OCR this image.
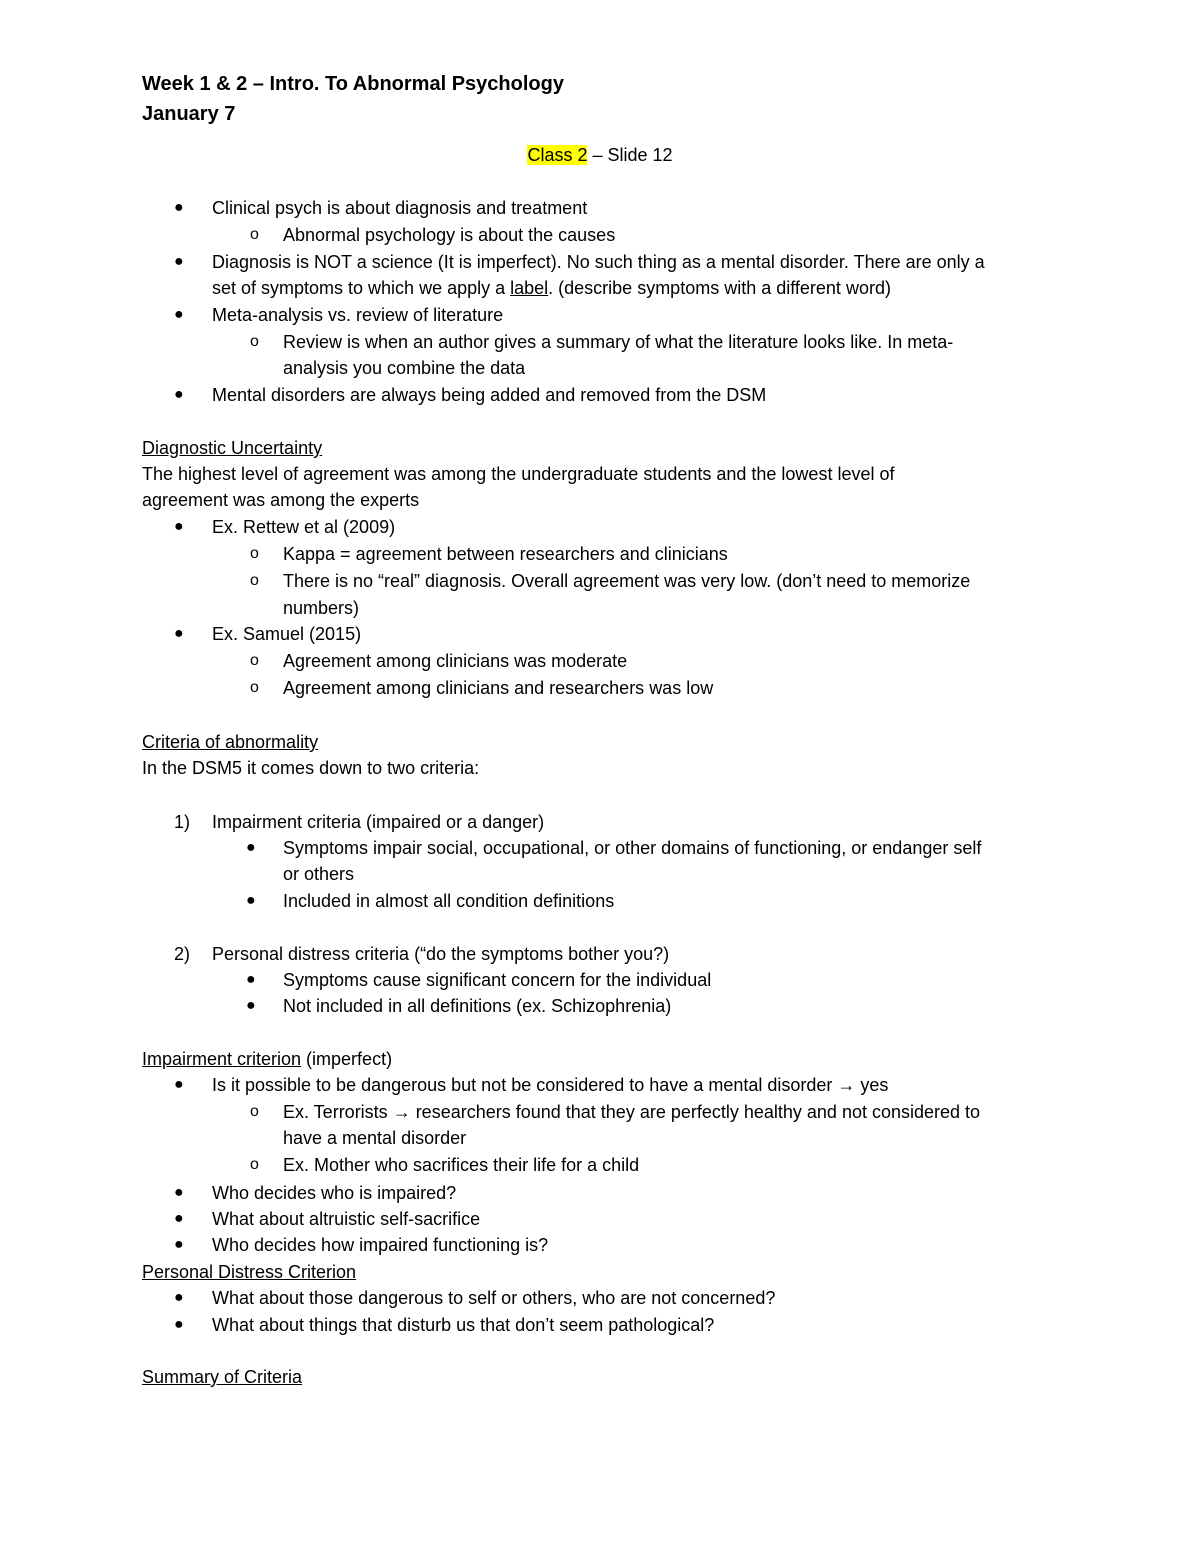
Week 1 & 2 – Intro. To Abnormal Psychology
January 7
Class 2 – Slide 12
● Clinical psych is about diagnosis and treatment
o Abnormal psychology is about the causes
● Diagnosis is NOT a science (It is imperfect). No such thing as a mental disorder. There are only a
set of symptoms to which we apply a label. (describe symptoms with a different word)
● Meta-analysis vs. review of literature
o Review is when an author gives a summary of what the literature looks like. In meta-
analysis you combine the data
● Mental disorders are always being added and removed from the DSM
Diagnostic Uncertainty
The highest level of agreement was among the undergraduate students and the lowest level of
agreement was among the experts
● Ex. Rettew et al (2009)
o Kappa = agreement between researchers and clinicians
o There is no “real” diagnosis. Overall agreement was very low. (don’t need to memorize
numbers)
● Ex. Samuel (2015)
o Agreement among clinicians was moderate
o Agreement among clinicians and researchers was low
Criteria of abnormality
In the DSM5 it comes down to two criteria:
1) Impairment criteria (impaired or a danger)
● Symptoms impair social, occupational, or other domains of functioning, or endanger self
or others
● Included in almost all condition definitions
2) Personal distress criteria (“do the symptoms bother you?)
● Symptoms cause significant concern for the individual
● Not included in all definitions (ex. Schizophrenia)
Impairment criterion (imperfect)
● Is it possible to be dangerous but not be considered to have a mental disorder → yes
o Ex. Terrorists → researchers found that they are perfectly healthy and not considered to
have a mental disorder
o Ex. Mother who sacrifices their life for a child
● Who decides who is impaired?
● What about altruistic self-sacrifice
● Who decides how impaired functioning is?
Personal Distress Criterion
● What about those dangerous to self or others, who are not concerned?
● What about things that disturb us that don’t seem pathological?
Summary of Criteria
